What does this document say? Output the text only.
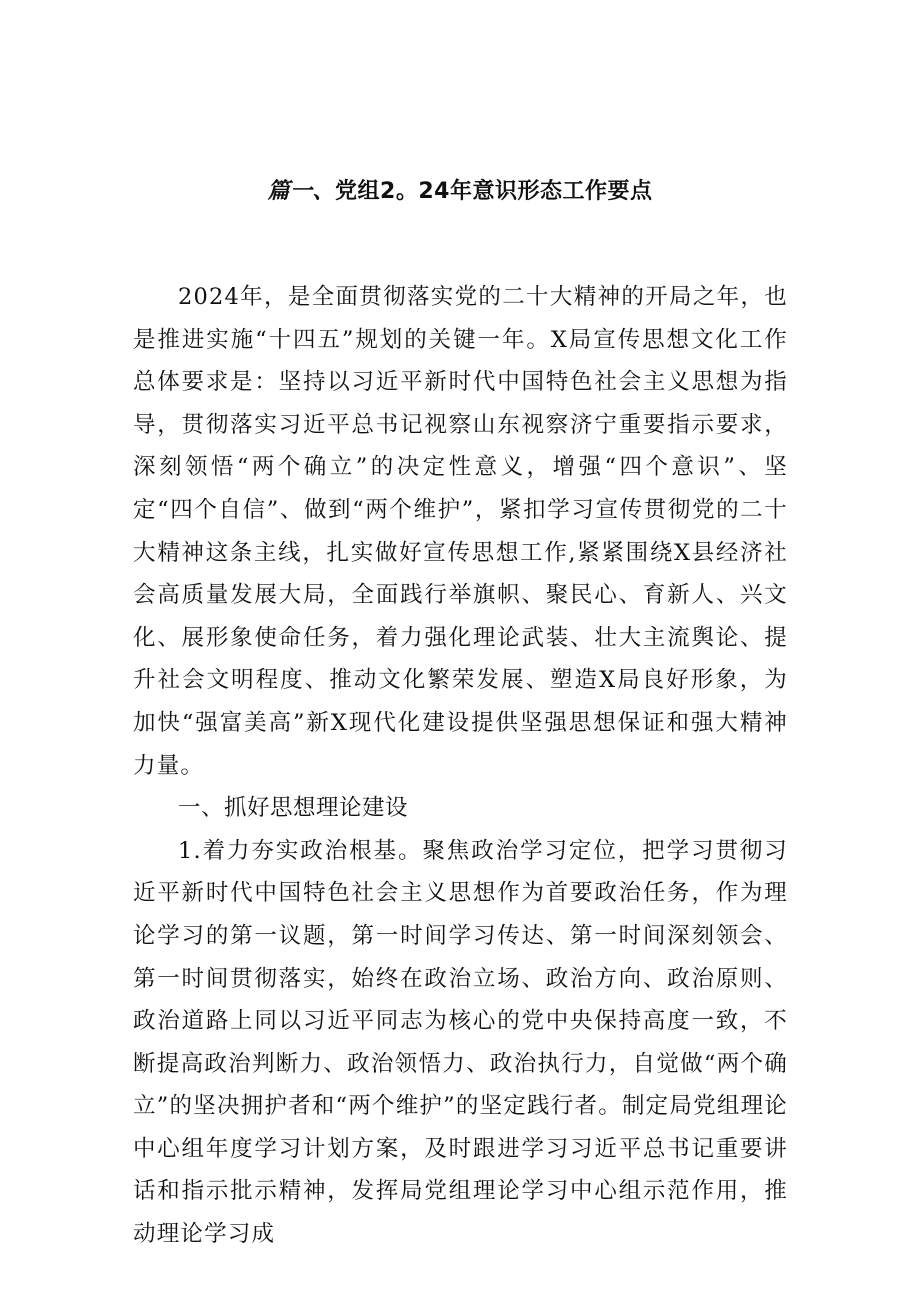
篇一、党组2。24年意识形态工作要点

2024年，是全面贯彻落实党的二十大精神的开局之年，也是推进实施“十四五”规划的关键一年。X局宣传思想文化工作总体要求是：坚持以习近平新时代中国特色社会主义思想为指导，贯彻落实习近平总书记视察山东视察济宁重要指示要求，深刻领悟“两个确立”的决定性意义，增强“四个意识”、坚定“四个自信”、做到“两个维护”，紧扣学习宣传贯彻党的二十大精神这条主线，扎实做好宣传思想工作,紧紧围绕X县经济社会高质量发展大局，全面践行举旗帜、聚民心、育新人、兴文化、展形象使命任务，着力强化理论武装、壮大主流舆论、提升社会文明程度、推动文化繁荣发展、塑造X局良好形象，为加快“强富美高”新X现代化建设提供坚强思想保证和强大精神力量。

一、抓好思想理论建设

1.着力夯实政治根基。聚焦政治学习定位，把学习贯彻习近平新时代中国特色社会主义思想作为首要政治任务，作为理论学习的第一议题，第一时间学习传达、第一时间深刻领会、第一时间贯彻落实，始终在政治立场、政治方向、政治原则、政治道路上同以习近平同志为核心的党中央保持高度一致，不断提高政治判断力、政治领悟力、政治执行力，自觉做“两个确立”的坚决拥护者和“两个维护”的坚定践行者。制定局党组理论中心组年度学习计划方案，及时跟进学习习近平总书记重要讲话和指示批示精神，发挥局党组理论学习中心组示范作用，推动理论学习成
